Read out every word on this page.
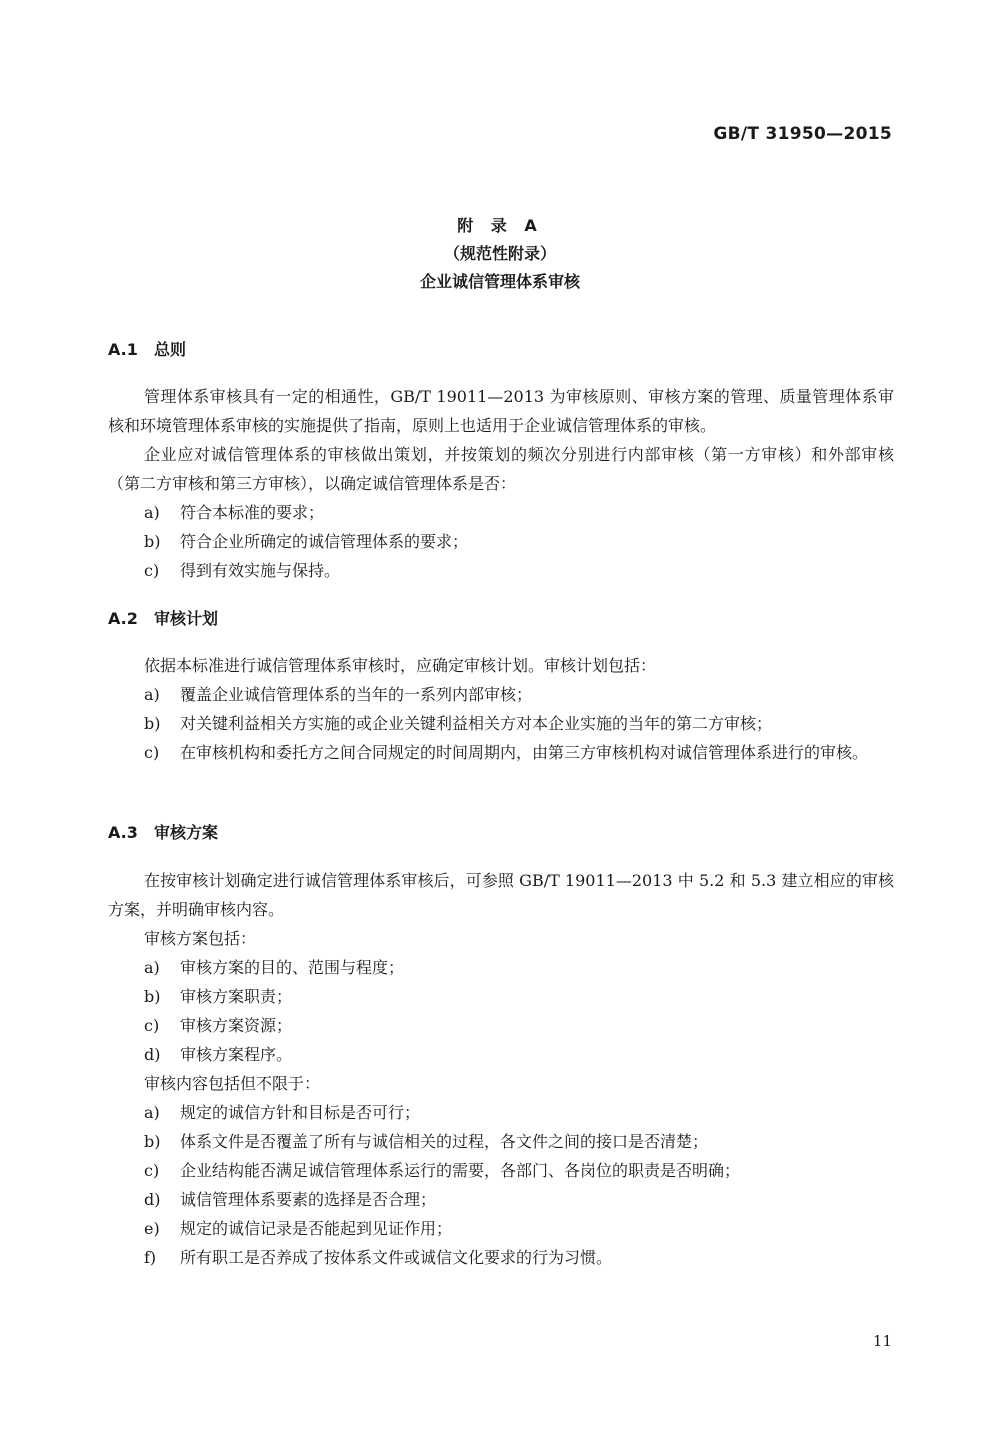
GB/T 31950—2015
附 录 A
（规范性附录）
企业诚信管理体系审核
A.1 总则
管理体系审核具有一定的相通性，GB/T 19011—2013 为审核原则、审核方案的管理、质量管理体系审核和环境管理体系审核的实施提供了指南，原则上也适用于企业诚信管理体系的审核。
企业应对诚信管理体系的审核做出策划，并按策划的频次分别进行内部审核（第一方审核）和外部审核（第二方审核和第三方审核），以确定诚信管理体系是否：
a)	符合本标准的要求；
b)	符合企业所确定的诚信管理体系的要求；
c)	得到有效实施与保持。
A.2 审核计划
依据本标准进行诚信管理体系审核时，应确定审核计划。审核计划包括：
a)	覆盖企业诚信管理体系的当年的一系列内部审核；
b)	对关键利益相关方实施的或企业关键利益相关方对本企业实施的当年的第二方审核；
c)	在审核机构和委托方之间合同规定的时间周期内，由第三方审核机构对诚信管理体系进行的审核。
A.3 审核方案
在按审核计划确定进行诚信管理体系审核后，可参照 GB/T 19011—2013 中 5.2 和 5.3 建立相应的审核方案，并明确审核内容。
审核方案包括：
a)	审核方案的目的、范围与程度；
b)	审核方案职责；
c)	审核方案资源；
d)	审核方案程序。
审核内容包括但不限于：
a)	规定的诚信方针和目标是否可行；
b)	体系文件是否覆盖了所有与诚信相关的过程，各文件之间的接口是否清楚；
c)	企业结构能否满足诚信管理体系运行的需要，各部门、各岗位的职责是否明确；
d)	诚信管理体系要素的选择是否合理；
e)	规定的诚信记录是否能起到见证作用；
f)	所有职工是否养成了按体系文件或诚信文化要求的行为习惯。
11
